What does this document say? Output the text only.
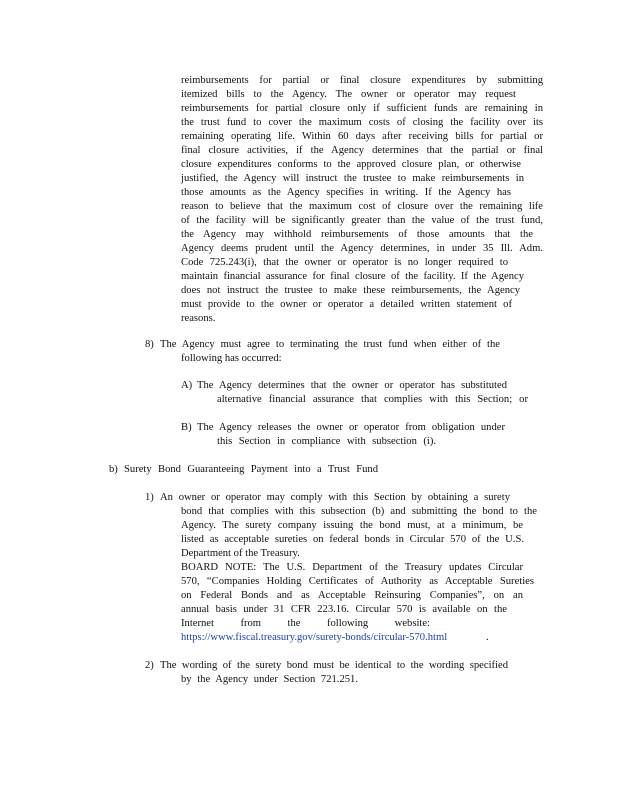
reimbursements for partial or final closure expenditures by submitting
itemized bills to the Agency. The owner or operator may request
reimbursements for partial closure only if sufficient funds are remaining in
the trust fund to cover the maximum costs of closing the facility over its
remaining operating life. Within 60 days after receiving bills for partial or
final closure activities, if the Agency determines that the partial or final
closure expenditures conforms to the approved closure plan, or otherwise
justified, the Agency will instruct the trustee to make reimbursements in
those amounts as the Agency specifies in writing. If the Agency has
reason to believe that the maximum cost of closure over the remaining life
of the facility will be significantly greater than the value of the trust fund,
the Agency may withhold reimbursements of those amounts that the
Agency deems prudent until the Agency determines, in under 35 Ill. Adm.
Code 725.243(i), that the owner or operator is no longer required to
maintain financial assurance for final closure of the facility. If the Agency
does not instruct the trustee to make these reimbursements, the Agency
must provide to the owner or operator a detailed written statement of
reasons.
8) The Agency must agree to terminating the trust fund when either of the
following has occurred:
A) The Agency determines that the owner or operator has substituted
alternative financial assurance that complies with this Section; or
B) The Agency releases the owner or operator from obligation under
this Section in compliance with subsection (i).
b) Surety Bond Guaranteeing Payment into a Trust Fund
1) An owner or operator may comply with this Section by obtaining a surety
bond that complies with this subsection (b) and submitting the bond to the
Agency. The surety company issuing the bond must, at a minimum, be
listed as acceptable sureties on federal bonds in Circular 570 of the U.S.
Department of the Treasury.
BOARD NOTE: The U.S. Department of the Treasury updates Circular
570, “Companies Holding Certificates of Authority as Acceptable Sureties
on Federal Bonds and as Acceptable Reinsuring Companies”, on an
annual basis under 31 CFR 223.16. Circular 570 is available on the
Internet from the following website:
https://www.fiscal.treasury.gov/surety-bonds/circular-570.html	.
2) The wording of the surety bond must be identical to the wording specified
by the Agency under Section 721.251.
